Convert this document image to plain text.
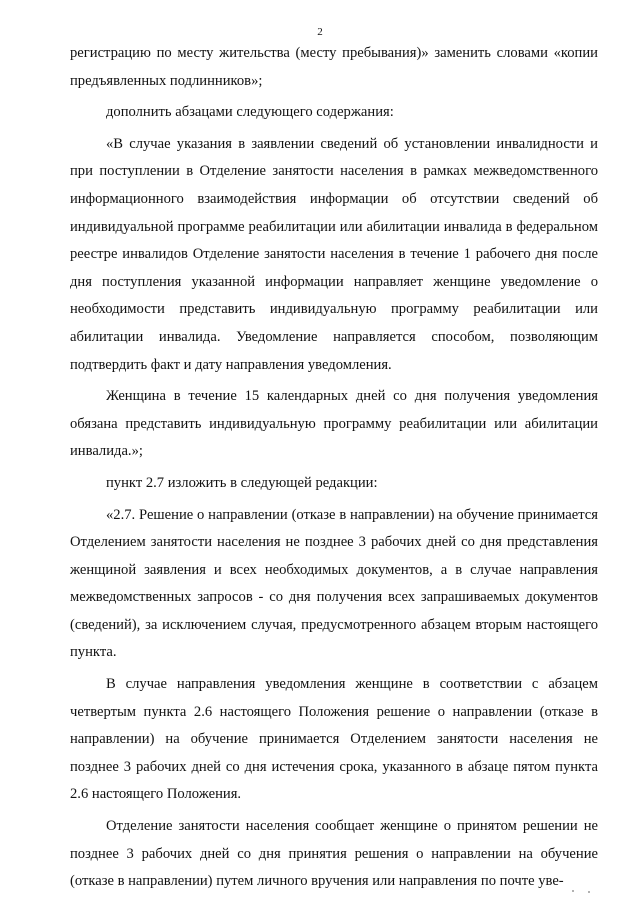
2

регистрацию по месту жительства (месту пребывания)» заменить словами «копии предъявленных подлинников»;

дополнить абзацами следующего содержания:

«В случае указания в заявлении сведений об установлении инвалидности и при поступлении в Отделение занятости населения в рамках межведомственного информационного взаимодействия информации об отсутствии сведений об индивидуальной программе реабилитации или абилитации инвалида в федеральном реестре инвалидов Отделение занятости населения в течение 1 рабочего дня после дня поступления указанной информации направляет женщине уведомление о необходимости представить индивидуальную программу реабилитации или абилитации инвалида. Уведомление направляется способом, позволяющим подтвердить факт и дату направления уведомления.

Женщина в течение 15 календарных дней со дня получения уведомления обязана представить индивидуальную программу реабилитации или абилитации инвалида.»;

пункт 2.7 изложить в следующей редакции:

«2.7. Решение о направлении (отказе в направлении) на обучение принимается Отделением занятости населения не позднее 3 рабочих дней со дня представления женщиной заявления и всех необходимых документов, а в случае направления межведомственных запросов - со дня получения всех запрашиваемых документов (сведений), за исключением случая, предусмотренного абзацем вторым настоящего пункта.

В случае направления уведомления женщине в соответствии с абзацем четвертым пункта 2.6 настоящего Положения решение о направлении (отказе в направлении) на обучение принимается Отделением занятости населения не позднее 3 рабочих дней со дня истечения срока, указанного в абзаце пятом пункта 2.6 настоящего Положения.

Отделение занятости населения сообщает женщине о принятом решении не позднее 3 рабочих дней со дня принятия решения о направлении на обучение (отказе в направлении) путем личного вручения или направления по почте уве-
